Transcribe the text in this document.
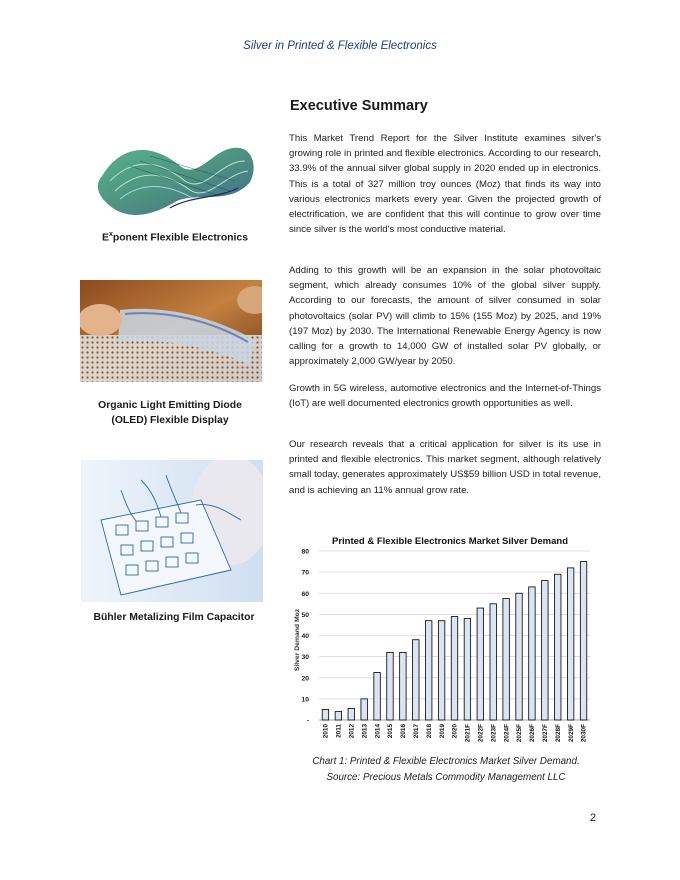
Silver in Printed & Flexible Electronics
Executive Summary

This Market Trend Report for the Silver Institute examines silver's growing role in printed and flexible electronics. According to our research, 33.9% of the annual silver global supply in 2020 ended up in electronics. This is a total of 327 million troy ounces (Moz) that finds its way into various electronics markets every year. Given the projected growth of electrification, we are confident that this will continue to grow over time since silver is the world's most conductive material.

Adding to this growth will be an expansion in the solar photovoltaic segment, which already consumes 10% of the global silver supply. According to our forecasts, the amount of silver consumed in solar photovoltaics (solar PV) will climb to 15% (155 Moz) by 2025, and 19% (197 Moz) by 2030. The International Renewable Energy Agency is now calling for a growth to 14,000 GW of installed solar PV globally, or approximately 2,000 GW/year by 2050.

Growth in 5G wireless, automotive electronics and the Internet-of-Things (IoT) are well documented electronics growth opportunities as well.

Our research reveals that a critical application for silver is its use in printed and flexible electronics. This market segment, although relatively small today, generates approximately US$59 billion USD in total revenue, and is achieving an 11% annual grow rate.

$E^xponent$ Flexible Electronics
Organic Light Emitting Diode
(OLED) Flexible Display
Bühler Metalizing Film Capacitor
Printed & Flexible Electronics Market Silver Demand
Silver Demand Moz
-
10
20
30
40
50
60
70
80
2010 2011 2012 2013 2014 2015 2016 2017 2018 2019 2020 2021F 2022F 2023F 2024F 2025F 2026F 2027F 2028F 2029F 2030F
Chart 1: Printed & Flexible Electronics Market Silver Demand.
Source: Precious Metals Commodity Management LLC
2
